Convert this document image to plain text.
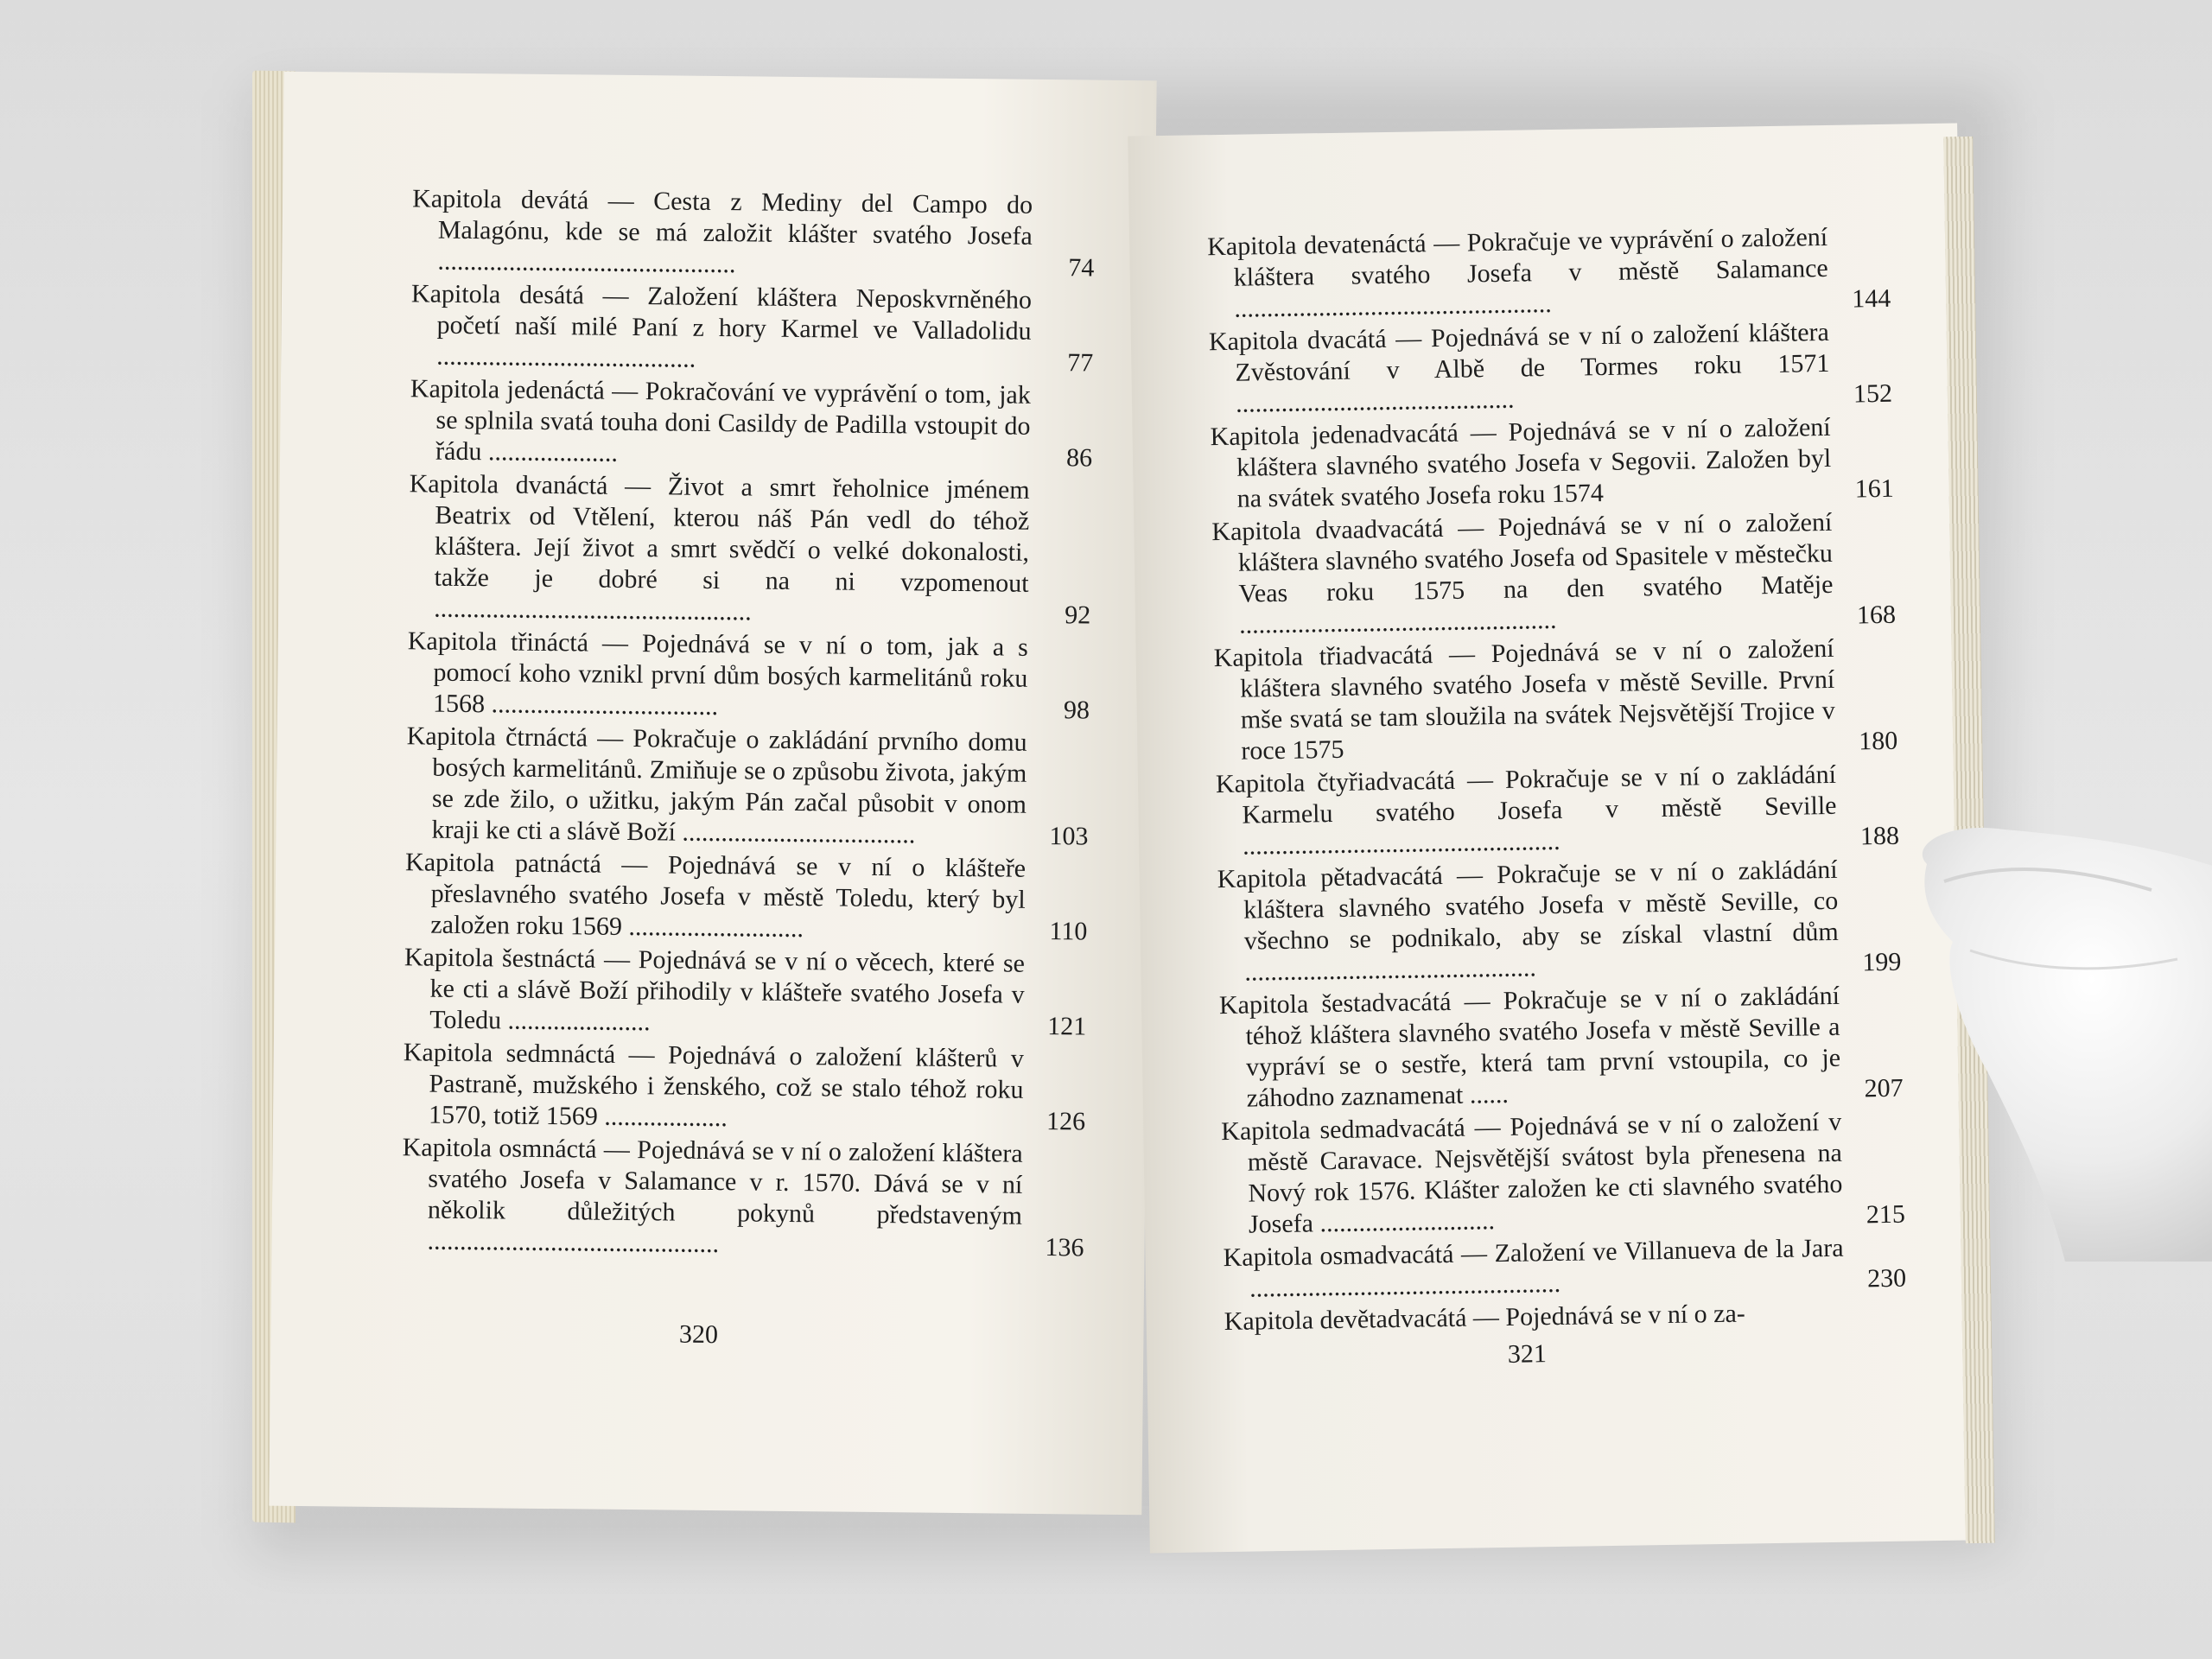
Kapitola devátá — Cesta z Mediny del Campo do Malagónu, kde se má založit klášter svatého Josefa ..............................................	74
Kapitola desátá — Založení kláštera Neposkvrněného početí naší milé Paní z hory Karmel ve Valladolidu ........................................	77
Kapitola jedenáctá — Pokračování ve vyprávění o tom, jak se splnila svatá touha doni Casildy de Padilla vstoupit do řádu ....................	86
Kapitola dvanáctá — Život a smrt řeholnice jménem Beatrix od Vtělení, kterou náš Pán vedl do téhož kláštera. Její život a smrt svědčí o velké dokonalosti, takže je dobré si na ni vzpomenout .................................................	92
Kapitola třináctá — Pojednává se v ní o tom, jak a s pomocí koho vznikl první dům bosých karmelitánů roku 1568 ...................................	98
Kapitola čtrnáctá — Pokračuje o zakládání prvního domu bosých karmelitánů. Zmiňuje se o způsobu života, jakým se zde žilo, o užitku, jakým Pán začal působit v onom kraji ke cti a slávě Boží ....................................	103
Kapitola patnáctá — Pojednává se v ní o klášteře přeslavného svatého Josefa v městě Toledu, který byl založen roku 1569 ...........................	110
Kapitola šestnáctá — Pojednává se v ní o věcech, které se ke cti a slávě Boží přihodily v klášteře svatého Josefa v Toledu ......................	121
Kapitola sedmnáctá — Pojednává o založení klášterů v Pastraně, mužského i ženského, což se stalo téhož roku 1570, totiž 1569 ...................	126
Kapitola osmnáctá — Pojednává se v ní o založení kláštera svatého Josefa v Salamance v r. 1570. Dává se v ní několik důležitých pokynů představeným .............................................	136
320
Kapitola devatenáctá — Pokračuje ve vyprávění o založení kláštera svatého Josefa v městě Salamance .................................................	144
Kapitola dvacátá — Pojednává se v ní o založení kláštera Zvěstování v Albě de Tormes roku 1571 ...........................................	152
Kapitola jedenadvacátá — Pojednává se v ní o založení kláštera slavného svatého Josefa v Segovii. Založen byl na svátek svatého Josefa roku 1574	161
Kapitola dvaadvacátá — Pojednává se v ní o založení kláštera slavného svatého Josefa od Spasitele v městečku Veas roku 1575 na den svatého Matěje .................................................	168
Kapitola třiadvacátá — Pojednává se v ní o založení kláštera slavného svatého Josefa v městě Seville. První mše svatá se tam sloužila na svátek Nejsvětější Trojice v roce 1575	180
Kapitola čtyřiadvacátá — Pokračuje se v ní o zakládání Karmelu svatého Josefa v městě Seville .................................................	188
Kapitola pětadvacátá — Pokračuje se v ní o zakládání kláštera slavného svatého Josefa v městě Seville, co všechno se podnikalo, aby se získal vlastní dům .............................................	199
Kapitola šestadvacátá — Pokračuje se v ní o zakládání téhož kláštera slavného svatého Josefa v městě Seville a vypráví se o sestře, která tam první vstoupila, co je záhodno zaznamenat ......	207
Kapitola sedmadvacátá — Pojednává se v ní o založení v městě Caravace. Nejsvětější svátost byla přenesena na Nový rok 1576. Klášter založen ke cti slavného svatého Josefa ...........................	215
Kapitola osmadvacátá — Založení ve Villanueva de la Jara ................................................	230
Kapitola devětadvacátá — Pojednává se v ní o za-
321
